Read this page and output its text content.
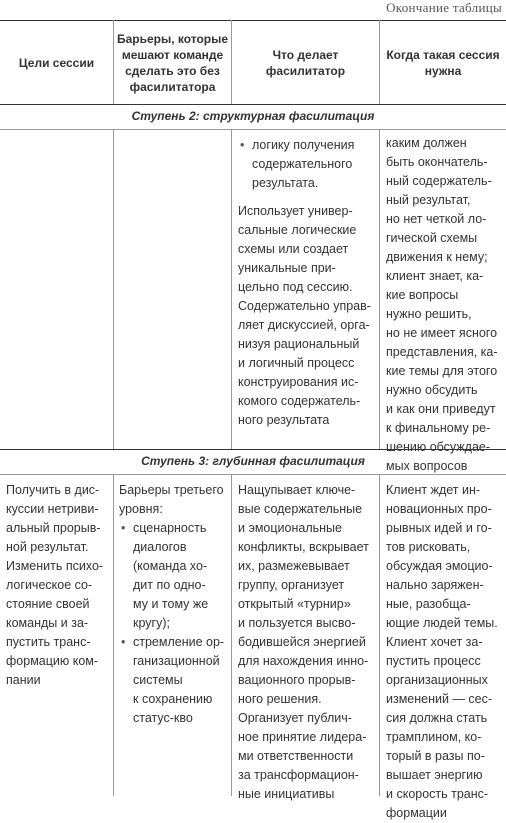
Окончание таблицы
Цели сессии
Барьеры, которые
мешают команде
сделать это без
фасилитатора
Что делает
фасилитатор
Когда такая сессия
нужна
Ступень 2: структурная фасилитация
• логику получения
содержательного
результата.
Использует универ-
сальные логические
схемы или создает
уникальные при-
цельно под сессию.
Содержательно управ-
ляет дискуссией, орга-
низуя рациональный
и логичный процесс
конструирования ис-
комого содержатель-
ного результата
каким должен
быть окончатель-
ный содержатель-
ный результат,
но нет четкой ло-
гической схемы
движения к нему;
клиент знает, ка-
кие вопросы
нужно решить,
но не имеет ясного
представления, ка-
кие темы для этого
нужно обсудить
и как они приведут
к финальному ре-
шению обсуждае-
мых вопросов
Ступень 3: глубинная фасилитация
Получить в дис-
куссии нетриви-
альный прорыв-
ной результат.
Изменить психо-
логическое со-
стояние своей
команды и за-
пустить транс-
формацию ком-
пании
Барьеры третьего
уровня:
• сценарность
диалогов
(команда хо-
дит по одно-
му и тому же
кругу);
• стремление ор-
ганизационной
системы
к сохранению
статус-кво
Нащупывает ключе-
вые содержательные
и эмоциональные
конфликты, вскрывает
их, размежевывает
группу, организует
открытый «турнир»
и пользуется высво-
бодившейся энергией
для нахождения инно-
вационного прорыв-
ного решения.
Организует публич-
ное принятие лидера-
ми ответственности
за трансформацион-
ные инициативы
Клиент ждет ин-
новационных про-
рывных идей и го-
тов рисковать,
обсуждая эмоцио-
нально заряжен-
ные, разобща-
ющие людей темы.
Клиент хочет за-
пустить процесс
организационных
изменений — сес-
сия должна стать
трамплином, ко-
торый в разы по-
вышает энергию
и скорость транс-
формации
